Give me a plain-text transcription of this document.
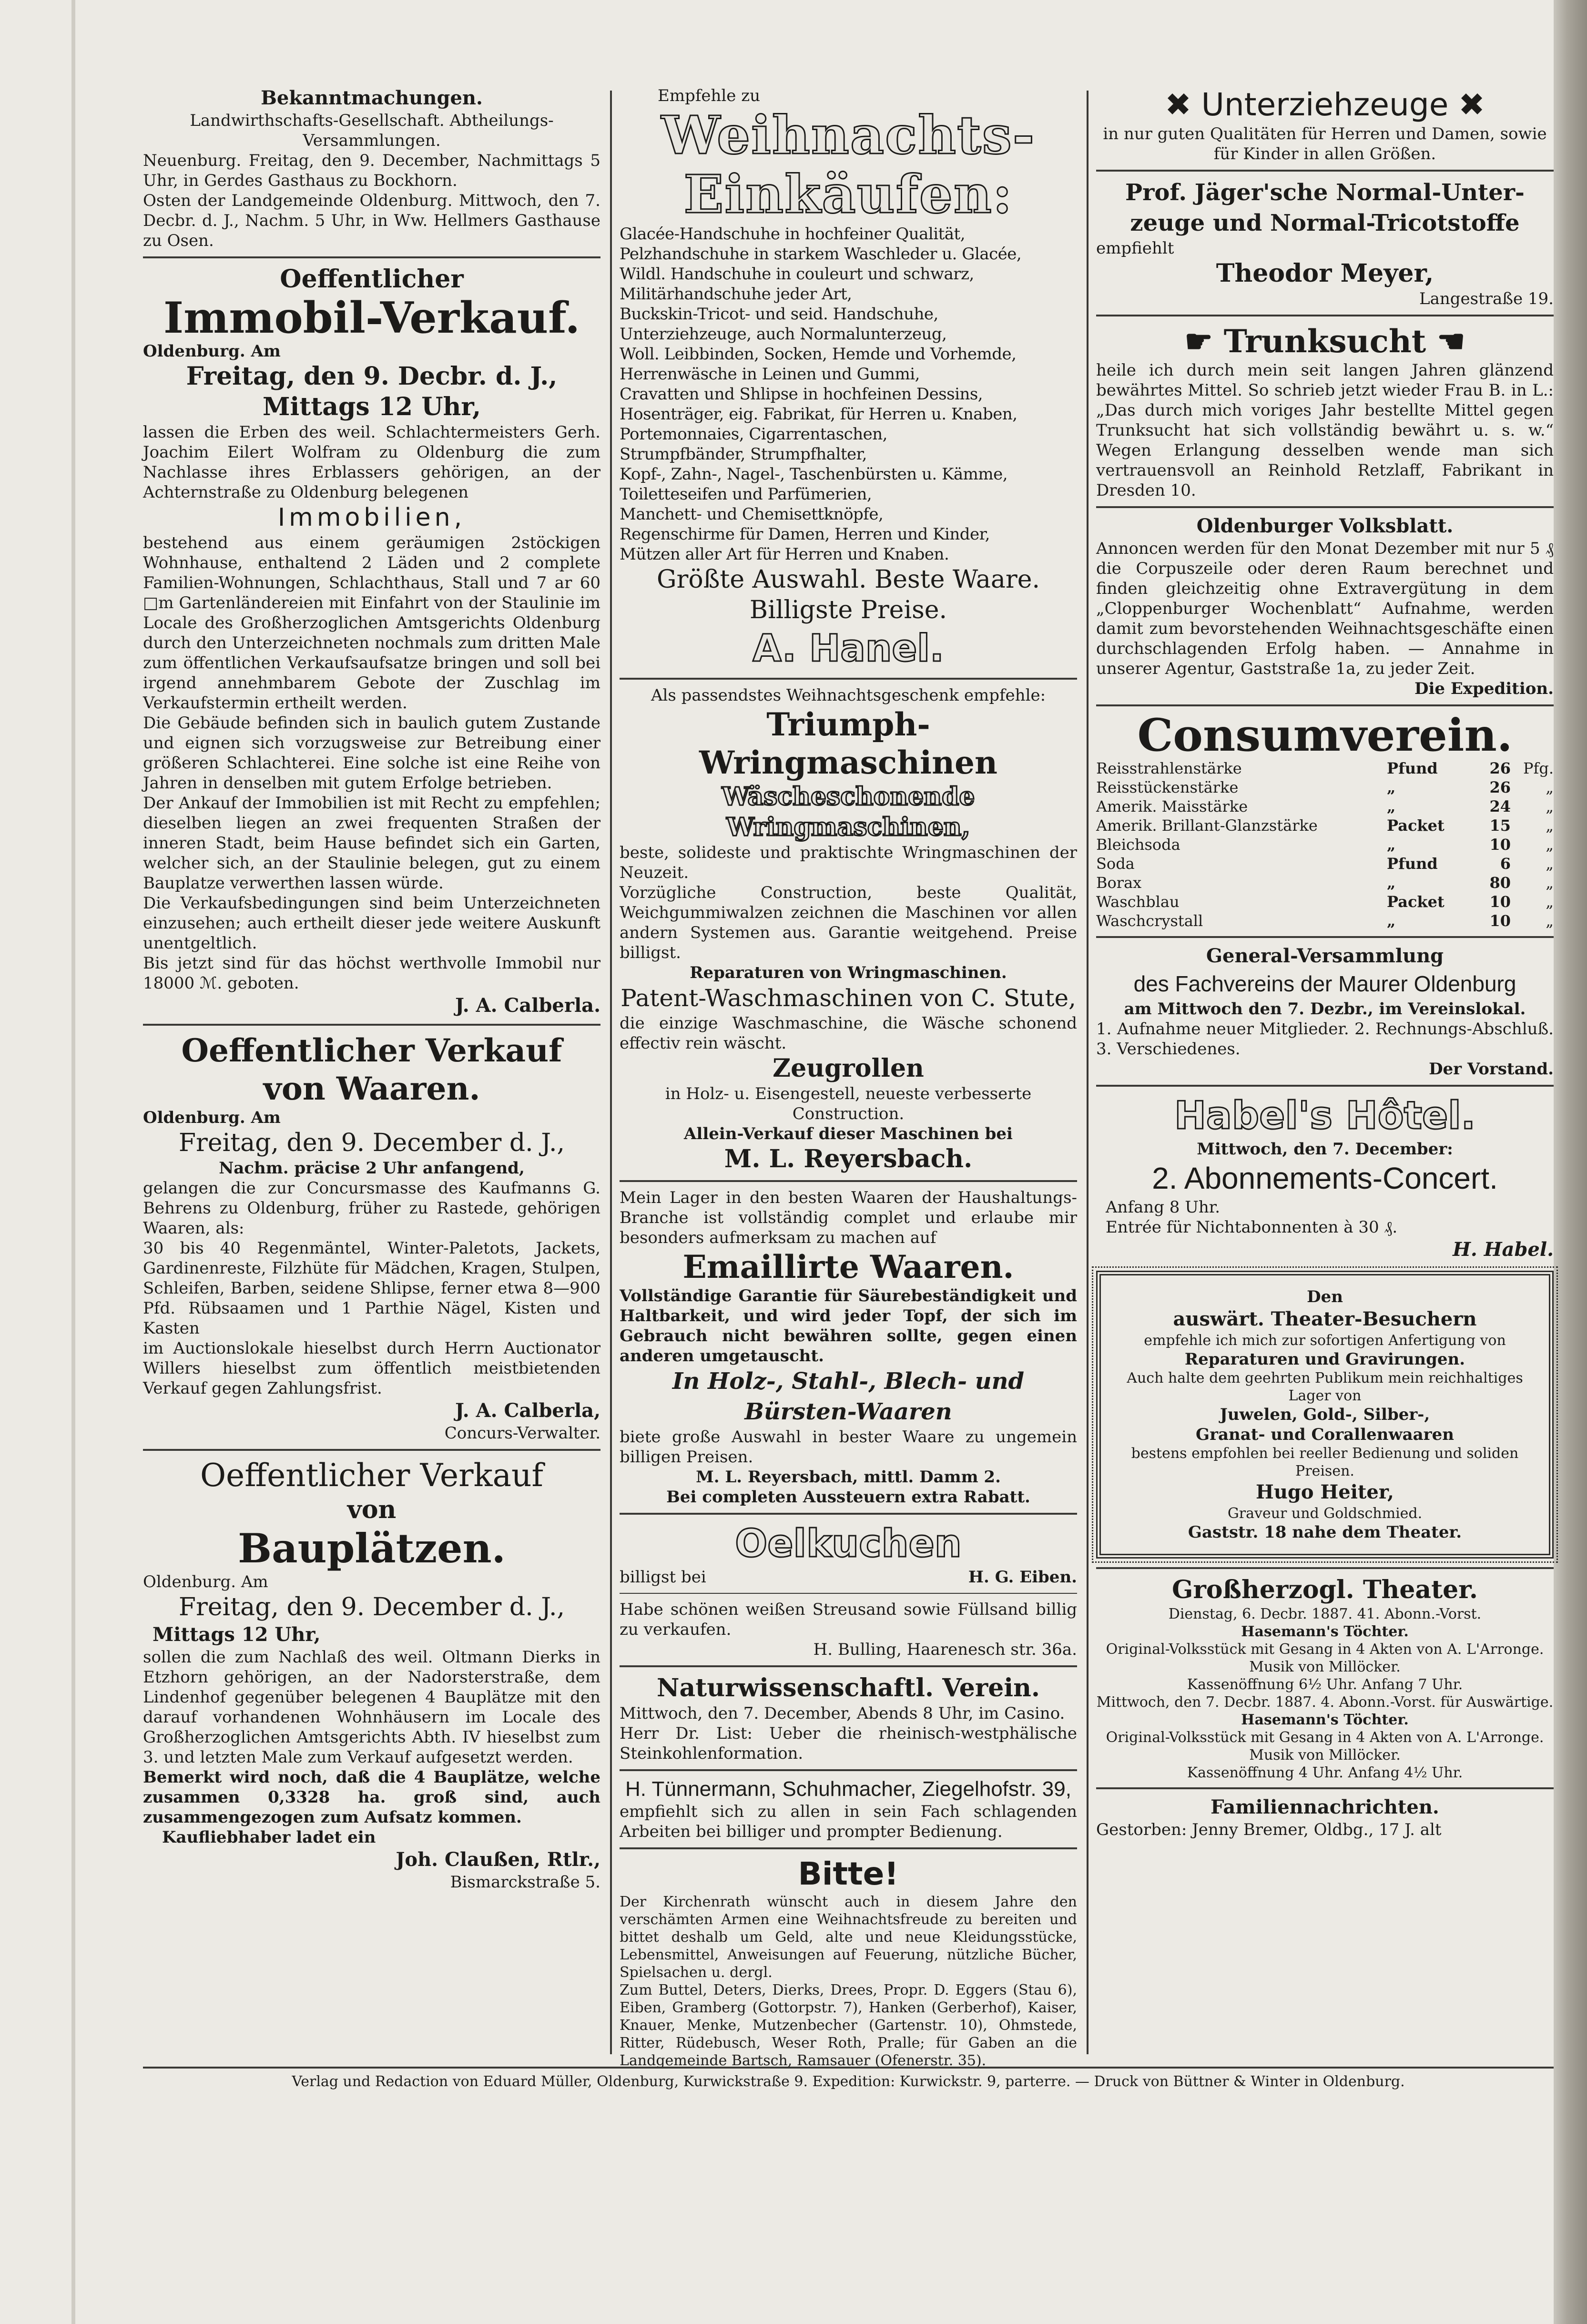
Bekanntmachungen.

Landwirthschafts-Gesellschaft. Abtheilungs-Versammlungen.

Neuenburg. Freitag, den 9. December, Nachmittags 5 Uhr, in Gerdes Gasthaus zu Bockhorn.

Osten der Landgemeinde Oldenburg. Mittwoch, den 7. Decbr. d. J., Nachm. 5 Uhr, in Ww. Hellmers Gasthause zu Osen.

Oeffentlicher

Immobil-Verkauf.

Oldenburg. Am

Freitag, den 9. Decbr. d. J.,

Mittags 12 Uhr,

lassen die Erben des weil. Schlachtermeisters Gerh. Joachim Eilert Wolfram zu Oldenburg die zum Nachlasse ihres Erblassers gehörigen, an der Achternstraße zu Oldenburg belegenen

Immobilien,

bestehend aus einem geräumigen 2stöckigen Wohnhause, enthaltend 2 Läden und 2 complete Familien-Wohnungen, Schlachthaus, Stall und 7 ar 60 □m Gartenländereien mit Einfahrt von der Staulinie im Locale des Großherzoglichen Amtsgerichts Oldenburg durch den Unterzeichneten nochmals zum dritten Male zum öffentlichen Verkaufsaufsatze bringen und soll bei irgend annehmbarem Gebote der Zuschlag im Verkaufstermin ertheilt werden.

Die Gebäude befinden sich in baulich gutem Zustande und eignen sich vorzugsweise zur Betreibung einer größeren Schlachterei. Eine solche ist eine Reihe von Jahren in denselben mit gutem Erfolge betrieben.

Der Ankauf der Immobilien ist mit Recht zu empfehlen; dieselben liegen an zwei frequenten Straßen der inneren Stadt, beim Hause befindet sich ein Garten, welcher sich, an der Staulinie belegen, gut zu einem Bauplatze verwerthen lassen würde.

Die Verkaufsbedingungen sind beim Unterzeichneten einzusehen; auch ertheilt dieser jede weitere Auskunft unentgeltlich.

Bis jetzt sind für das höchst werthvolle Immobil nur 18000 ℳ. geboten.

J. A. Calberla.

Oeffentlicher Verkauf

von Waaren.

Oldenburg. Am

Freitag, den 9. December d. J.,

Nachm. präcise 2 Uhr anfangend,

gelangen die zur Concursmasse des Kaufmanns G. Behrens zu Oldenburg, früher zu Rastede, gehörigen Waaren, als:

30 bis 40 Regenmäntel, Winter-Paletots, Jackets, Gardinenreste, Filzhüte für Mädchen, Kragen, Stulpen, Schleifen, Barben, seidene Shlipse, ferner etwa 8—900 Pfd. Rübsaamen und 1 Parthie Nägel, Kisten und Kasten

im Auctionslokale hieselbst durch Herrn Auctionator Willers hieselbst zum öffentlich meistbietenden Verkauf gegen Zahlungsfrist.

J. A. Calberla,

Concurs-Verwalter.

Oeffentlicher Verkauf

von

Bauplätzen.

Oldenburg. Am

Freitag, den 9. December d. J.,

Mittags 12 Uhr,

sollen die zum Nachlaß des weil. Oltmann Dierks in Etzhorn gehörigen, an der Nadorsterstraße, dem Lindenhof gegenüber belegenen 4 Bauplätze mit den darauf vorhandenen Wohnhäusern im Locale des Großherzoglichen Amtsgerichts Abth. IV hieselbst zum 3. und letzten Male zum Verkauf aufgesetzt werden.

Bemerkt wird noch, daß die 4 Bauplätze, welche zusammen 0,3328 ha. groß sind, auch zusammengezogen zum Aufsatz kommen.

Kaufliebhaber ladet ein

Joh. Claußen, Rtlr.,

Bismarckstraße 5.

Empfehle zu

Weihnachts-

Einkäufen:

Glacée-Handschuhe in hochfeiner Qualität,

Pelzhandschuhe in starkem Waschleder u. Glacée,

Wildl. Handschuhe in couleurt und schwarz,

Militärhandschuhe jeder Art,

Buckskin-Tricot- und seid. Handschuhe,

Unterziehzeuge, auch Normalunterzeug,

Woll. Leibbinden, Socken, Hemde und Vorhemde,

Herrenwäsche in Leinen und Gummi,

Cravatten und Shlipse in hochfeinen Dessins,

Hosenträger, eig. Fabrikat, für Herren u. Knaben,

Portemonnaies, Cigarrentaschen,

Strumpfbänder, Strumpfhalter,

Kopf-, Zahn-, Nagel-, Taschenbürsten u. Kämme,

Toiletteseifen und Parfümerien,

Manchett- und Chemisettknöpfe,

Regenschirme für Damen, Herren und Kinder,

Mützen aller Art für Herren und Knaben.

Größte Auswahl. Beste Waare.

Billigste Preise.

A. Hanel.

Als passendstes Weihnachtsgeschenk empfehle:

Triumph-Wringmaschinen

Wäscheschonende Wringmaschinen,

beste, solideste und praktischte Wringmaschinen der Neuzeit.

Vorzügliche Construction, beste Qualität, Weichgummiwalzen zeichnen die Maschinen vor allen andern Systemen aus. Garantie weitgehend. Preise billigst.

Reparaturen von Wringmaschinen.

Patent-Waschmaschinen von C. Stute,

die einzige Waschmaschine, die Wäsche schonend effectiv rein wäscht.

Zeugrollen

in Holz- u. Eisengestell, neueste verbesserte Construction.

Allein-Verkauf dieser Maschinen bei

M. L. Reyersbach.

Mein Lager in den besten Waaren der Haushaltungs-Branche ist vollständig complet und erlaube mir besonders aufmerksam zu machen auf

Emaillirte Waaren.

Vollständige Garantie für Säurebeständigkeit und Haltbarkeit, und wird jeder Topf, der sich im Gebrauch nicht bewähren sollte, gegen einen anderen umgetauscht.

In Holz-, Stahl-, Blech- und

Bürsten-Waaren

biete große Auswahl in bester Waare zu ungemein billigen Preisen.

M. L. Reyersbach, mittl. Damm 2.

Bei completen Aussteuern extra Rabatt.

Oelkuchen

billigst bei	H. G. Eiben.

Habe schönen weißen Streusand sowie Füllsand billig zu verkaufen.

H. Bulling, Haarenesch str. 36a.

Naturwissenschaftl. Verein.

Mittwoch, den 7. December, Abends 8 Uhr, im Casino.

Herr Dr. List: Ueber die rheinisch-westphälische Steinkohlenformation.

H. Tünnermann, Schuhmacher, Ziegelhofstr. 39,

empfiehlt sich zu allen in sein Fach schlagenden Arbeiten bei billiger und prompter Bedienung.

Bitte!

Der Kirchenrath wünscht auch in diesem Jahre den verschämten Armen eine Weihnachtsfreude zu bereiten und bittet deshalb um Geld, alte und neue Kleidungsstücke, Lebensmittel, Anweisungen auf Feuerung, nützliche Bücher, Spielsachen u. dergl.

Zum Buttel, Deters, Dierks, Drees, Propr. D. Eggers (Stau 6), Eiben, Gramberg (Gottorpstr. 7), Hanken (Gerberhof), Kaiser, Knauer, Menke, Mutzenbecher (Gartenstr. 10), Ohmstede, Ritter, Rüdebusch, Weser Roth, Pralle; für Gaben an die Landgemeinde Bartsch, Ramsauer (Ofenerstr. 35).

✖ Unterziehzeuge ✖

in nur guten Qualitäten für Herren und Damen, sowie für Kinder in allen Größen.

Prof. Jäger'sche Normal-Unter-

zeuge und Normal-Tricotstoffe

empfiehlt

Theodor Meyer,

Langestraße 19.

☛ Trunksucht ☚

heile ich durch mein seit langen Jahren glänzend bewährtes Mittel. So schrieb jetzt wieder Frau B. in L.: „Das durch mich voriges Jahr bestellte Mittel gegen Trunksucht hat sich vollständig bewährt u. s. w.“ Wegen Erlangung desselben wende man sich vertrauensvoll an Reinhold Retzlaff, Fabrikant in Dresden 10.

Oldenburger Volksblatt.

Annoncen werden für den Monat Dezember mit nur 5 ₰ die Corpuszeile oder deren Raum berechnet und finden gleichzeitig ohne Extravergütung in dem „Cloppenburger Wochenblatt“ Aufnahme, werden damit zum bevorstehenden Weihnachtsgeschäfte einen durchschlagenden Erfolg haben. — Annahme in unserer Agentur, Gaststraße 1a, zu jeder Zeit.

Die Expedition.

Consumverein.

Reisstrahlenstärke	Pfund	26 Pfg.
Reisstückenstärke	„	26	„
Amerik. Maisstärke	„	24	„
Amerik. Brillant-Glanzstärke	Packet	15	„
Bleichsoda	„	10	„
Soda	Pfund	6	„
Borax	„	80	„
Waschblau	Packet	10	„
Waschcrystall	„	10	„

General-Versammlung

des Fachvereins der Maurer Oldenburg

am Mittwoch den 7. Dezbr., im Vereinslokal.

1. Aufnahme neuer Mitglieder. 2. Rechnungs-Abschluß. 3. Verschiedenes.

Der Vorstand.

Habel's Hôtel.

Mittwoch, den 7. December:

2. Abonnements-Concert.

Anfang 8 Uhr.

Entrée für Nichtabonnenten à 30 ₰.

H. Habel.

Den

auswärt. Theater-Besuchern

empfehle ich mich zur sofortigen Anfertigung von

Reparaturen und Gravirungen.

Auch halte dem geehrten Publikum mein reichhaltiges Lager von

Juwelen, Gold-, Silber-,

Granat- und Corallenwaaren

bestens empfohlen bei reeller Bedienung und soliden Preisen.

Hugo Heiter,

Graveur und Goldschmied.

Gaststr. 18 nahe dem Theater.

Großherzogl. Theater.

Dienstag, 6. Decbr. 1887. 41. Abonn.-Vorst.

Hasemann's Töchter.

Original-Volksstück mit Gesang in 4 Akten von A. L'Arronge. Musik von Millöcker.

Kassenöffnung 6½ Uhr. Anfang 7 Uhr.

Mittwoch, den 7. Decbr. 1887. 4. Abonn.-Vorst. für Auswärtige.

Hasemann's Töchter.

Original-Volksstück mit Gesang in 4 Akten von A. L'Arronge. Musik von Millöcker.

Kassenöffnung 4 Uhr. Anfang 4½ Uhr.

Familiennachrichten.

Gestorben: Jenny Bremer, Oldbg., 17 J. alt

Verlag und Redaction von Eduard Müller, Oldenburg, Kurwickstraße 9. Expedition: Kurwickstr. 9, parterre. — Druck von Büttner & Winter in Oldenburg.
